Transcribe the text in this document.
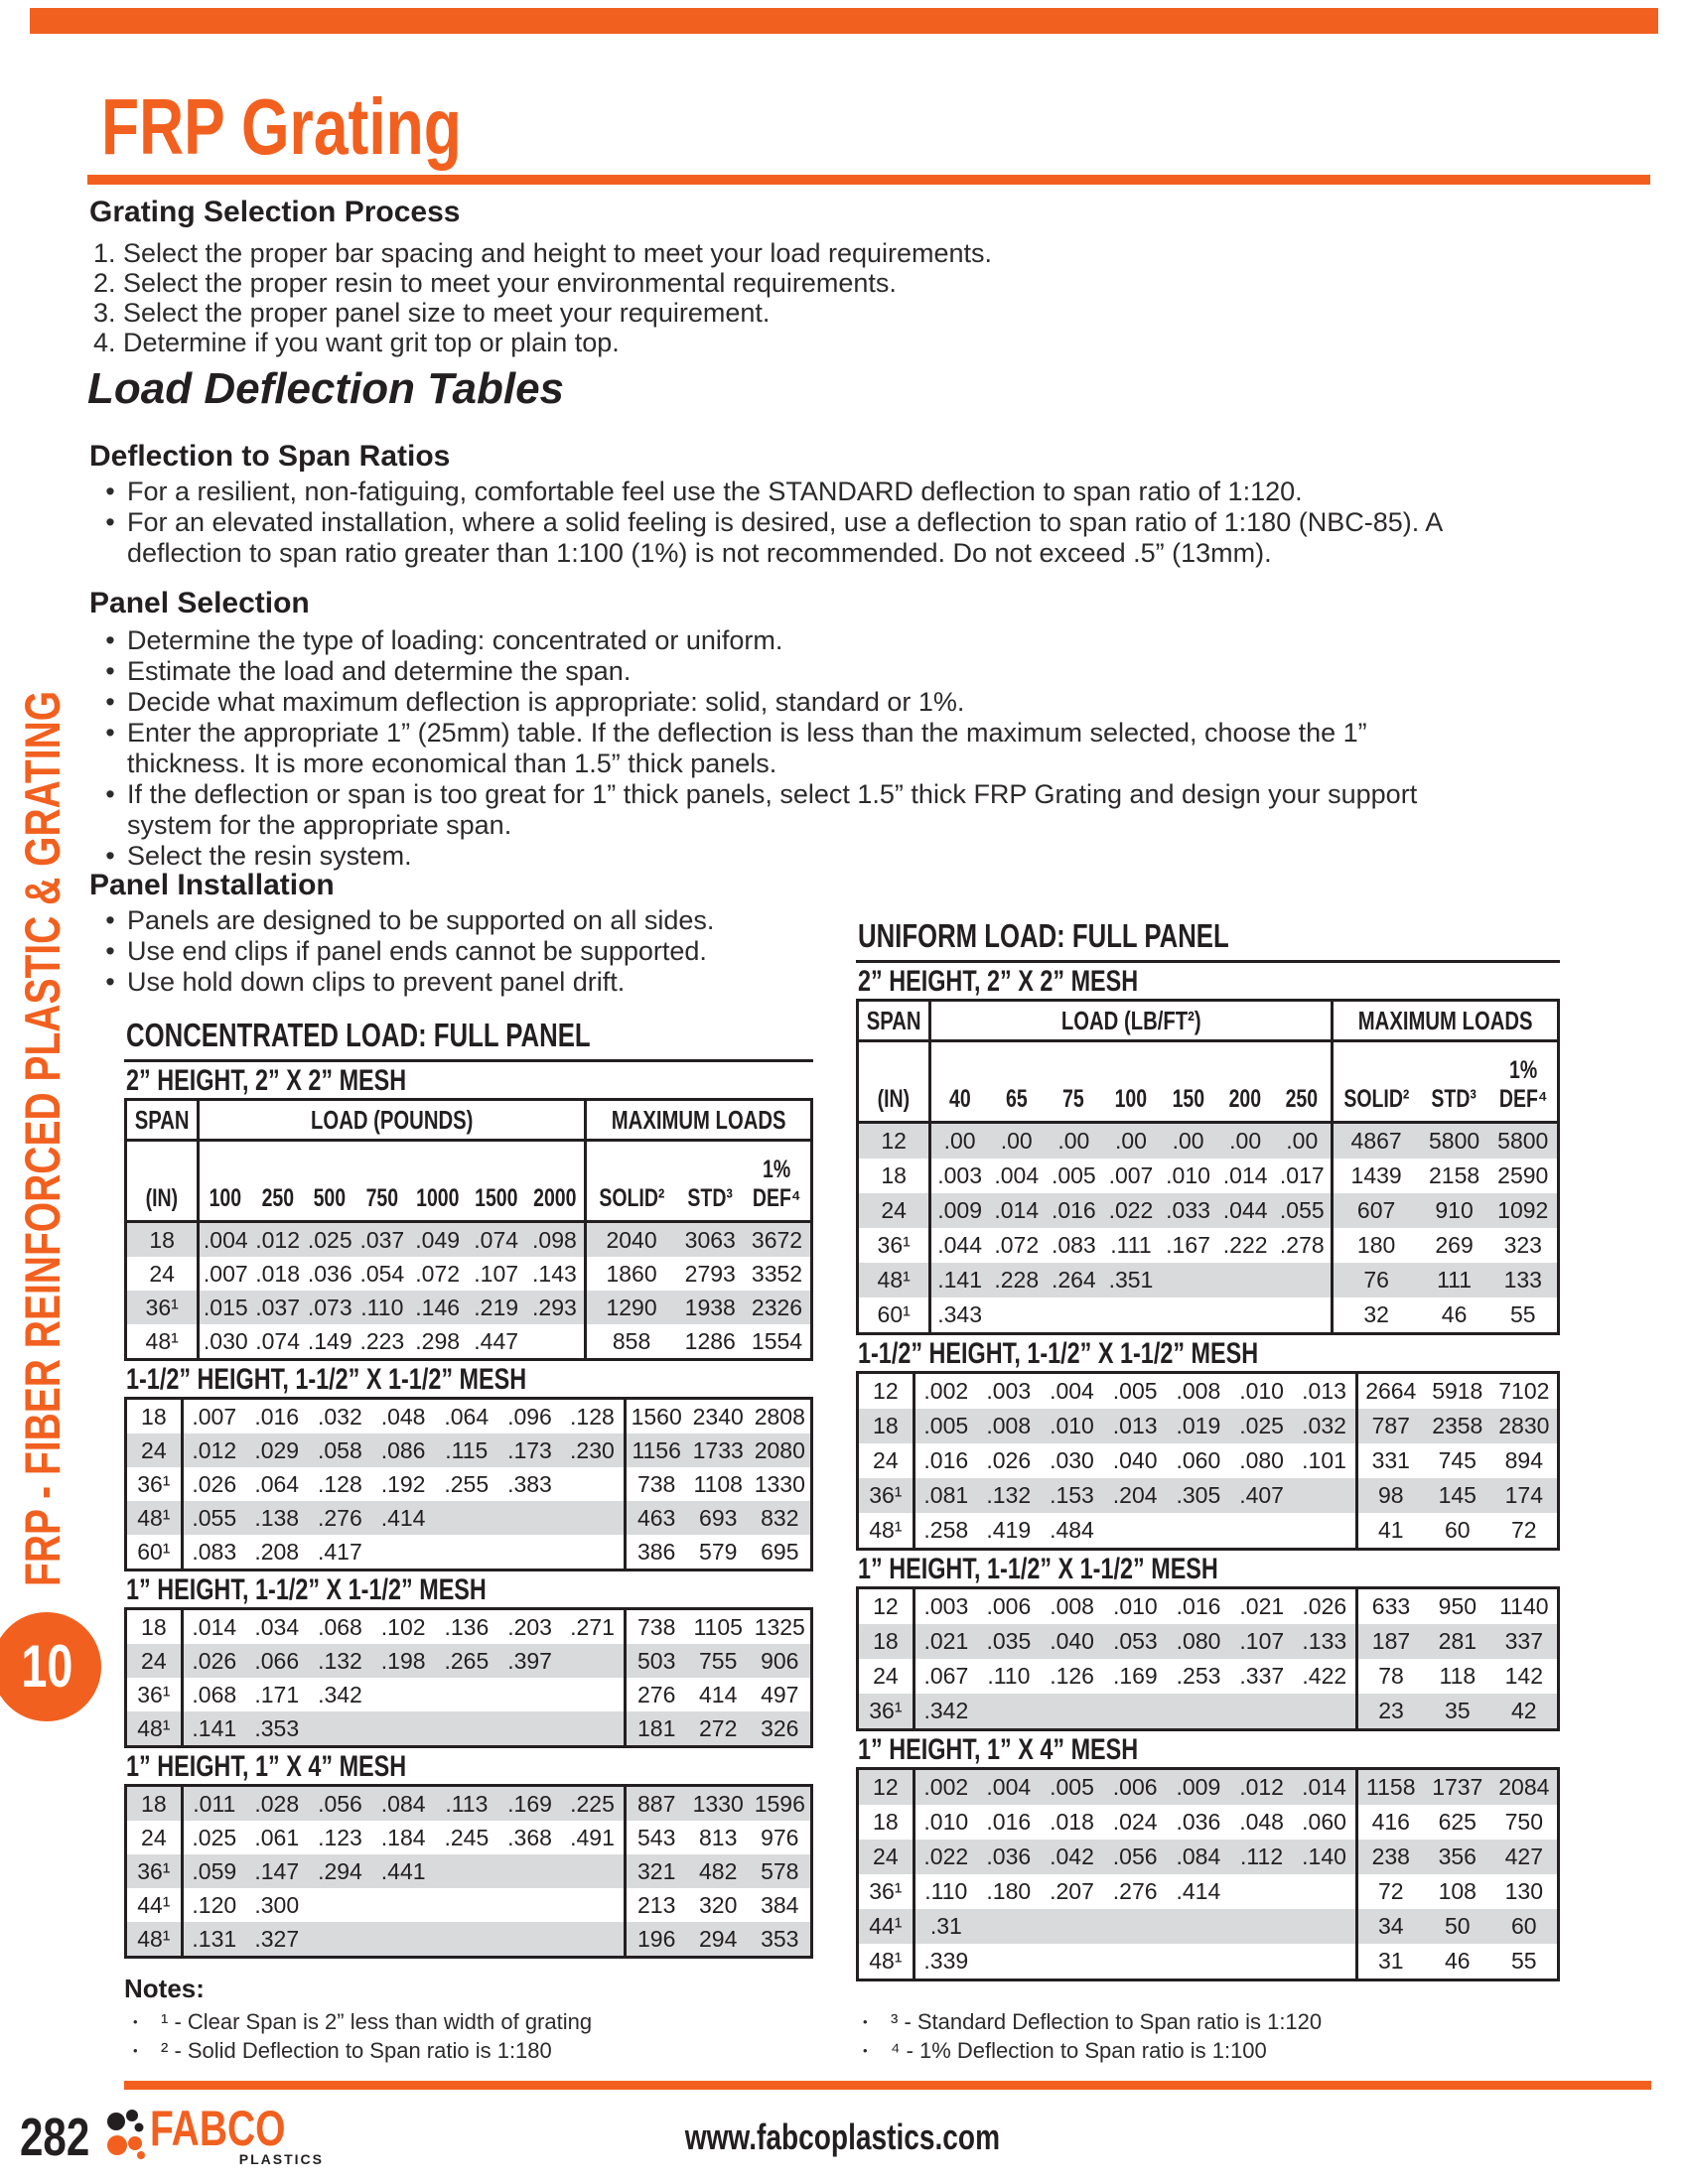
FRP Grating
Grating Selection Process
1. Select the proper bar spacing and height to meet your load requirements.
2. Select the proper resin to meet your environmental requirements.
3. Select the proper panel size to meet your requirement.
4. Determine if you want grit top or plain top.
Load Deflection Tables
Deflection to Span Ratios
•
For a resilient, non-fatiguing, comfortable feel use the STANDARD deflection to span ratio of 1:120.
•
For an elevated installation, where a solid feeling is desired, use a deflection to span ratio of 1:180 (NBC-85). A deflection to span ratio greater than 1:100 (1%) is not recommended. Do not exceed .5” (13mm).
Panel Selection
•
Determine the type of loading: concentrated or uniform.
•
Estimate the load and determine the span.
•
Decide what maximum deflection is appropriate: solid, standard or 1%.
•
Enter the appropriate 1” (25mm) table. If the deflection is less than the maximum selected, choose the 1” thickness. It is more economical than 1.5” thick panels.
•
If the deflection or span is too great for 1” thick panels, select 1.5” thick FRP Grating and design your support system for the appropriate span.
•
Select the resin system.
Panel Installation
•
Panels are designed to be supported on all sides.
•
Use end clips if panel ends cannot be supported.
•
Use hold down clips to prevent panel drift.
FRP - FIBER REINFORCED PLASTIC & GRATING
10
CONCENTRATED LOAD: FULL PANEL
2” HEIGHT, 2” X 2” MESH
SPAN	LOAD (POUNDS)							MAXIMUM LOADS		
(IN)	100	250	500	750	1000	1500	2000	SOLID²	STD³	1%
DEF⁴

18	.004	.012	.025	.037	.049	.074	.098	2040	3063	3672
24	.007	.018	.036	.054	.072	.107	.143	1860	2793	3352
36¹	.015	.037	.073	.110	.146	.219	.293	1290	1938	2326
48¹	.030	.074	.149	.223	.298	.447		858	1286	1554
1-1/2” HEIGHT, 1-1/2” X 1-1/2” MESH
18	.007	.016	.032	.048	.064	.096	.128	1560	2340	2808
24	.012	.029	.058	.086	.115	.173	.230	1156	1733	2080
36¹	.026	.064	.128	.192	.255	.383		738	1108	1330
48¹	.055	.138	.276	.414				463	693	832
60¹	.083	.208	.417					386	579	695
1” HEIGHT, 1-1/2” X 1-1/2” MESH
18	.014	.034	.068	.102	.136	.203	.271	738	1105	1325
24	.026	.066	.132	.198	.265	.397		503	755	906
36¹	.068	.171	.342					276	414	497
48¹	.141	.353						181	272	326
1” HEIGHT, 1” X 4” MESH
18	.011	.028	.056	.084	.113	.169	.225	887	1330	1596
24	.025	.061	.123	.184	.245	.368	.491	543	813	976
36¹	.059	.147	.294	.441				321	482	578
44¹	.120	.300						213	320	384
48¹	.131	.327						196	294	353
UNIFORM LOAD: FULL PANEL
2” HEIGHT, 2” X 2” MESH
SPAN	LOAD (LB/FT²)							MAXIMUM LOADS		
(IN)	40	65	75	100	150	200	250	SOLID²	STD³	1%
DEF⁴

12	.00	.00	.00	.00	.00	.00	.00	4867	5800	5800
18	.003	.004	.005	.007	.010	.014	.017	1439	2158	2590
24	.009	.014	.016	.022	.033	.044	.055	607	910	1092
36¹	.044	.072	.083	.111	.167	.222	.278	180	269	323
48¹	.141	.228	.264	.351				76	111	133
60¹	.343							32	46	55
1-1/2” HEIGHT, 1-1/2” X 1-1/2” MESH
12	.002	.003	.004	.005	.008	.010	.013	2664	5918	7102
18	.005	.008	.010	.013	.019	.025	.032	787	2358	2830
24	.016	.026	.030	.040	.060	.080	.101	331	745	894
36¹	.081	.132	.153	.204	.305	.407		98	145	174
48¹	.258	.419	.484					41	60	72
1” HEIGHT, 1-1/2” X 1-1/2” MESH
12	.003	.006	.008	.010	.016	.021	.026	633	950	1140
18	.021	.035	.040	.053	.080	.107	.133	187	281	337
24	.067	.110	.126	.169	.253	.337	.422	78	118	142
36¹	.342							23	35	42
1” HEIGHT, 1” X 4” MESH
12	.002	.004	.005	.006	.009	.012	.014	1158	1737	2084
18	.010	.016	.018	.024	.036	.048	.060	416	625	750
24	.022	.036	.042	.056	.084	.112	.140	238	356	427
36¹	.110	.180	.207	.276	.414			72	108	130
44¹	.31							34	50	60
48¹	.339							31	46	55
Notes:
•
¹ - Clear Span is 2” less than width of grating
•
² - Solid Deflection to Span ratio is 1:180
•
³ - Standard Deflection to Span ratio is 1:120
•
⁴ - 1% Deflection to Span ratio is 1:100
282	FABCO
PLASTICS
www.fabcoplastics.com
